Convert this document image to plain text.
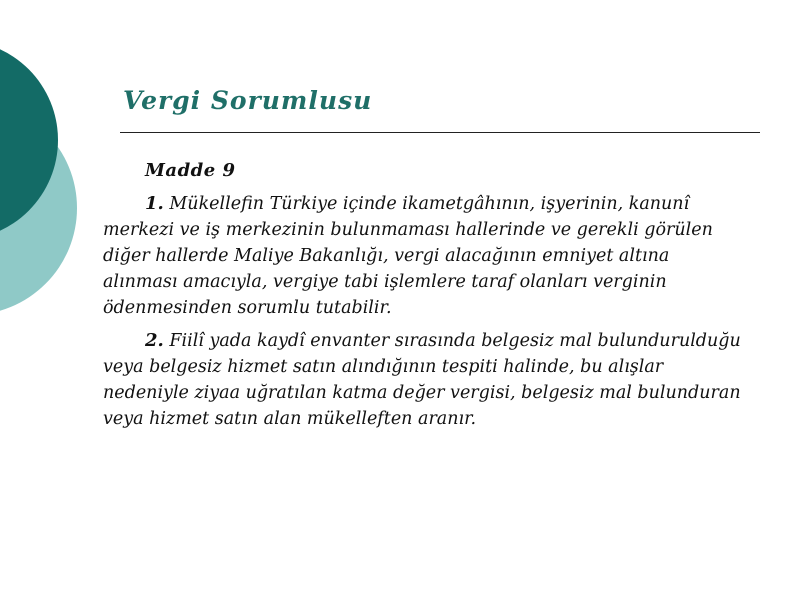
Vergi Sorumlusu
Madde 9

1. Mükellefin Türkiye içinde ikametgâhının, işyerinin, kanunî merkezi ve iş merkezinin bulunmaması hallerinde ve gerekli görülen diğer hallerde Maliye Bakanlığı, vergi alacağının emniyet altına alınması amacıyla, vergiye tabi işlemlere taraf olanları verginin ödenmesinden sorumlu tutabilir.

2. Fiilî yada kaydî envanter sırasında belgesiz mal bulundurulduğu veya belgesiz hizmet satın alındığının tespiti halinde, bu alışlar nedeniyle ziyaa uğratılan katma değer vergisi, belgesiz mal bulunduran veya hizmet satın alan mükelleften aranır.
